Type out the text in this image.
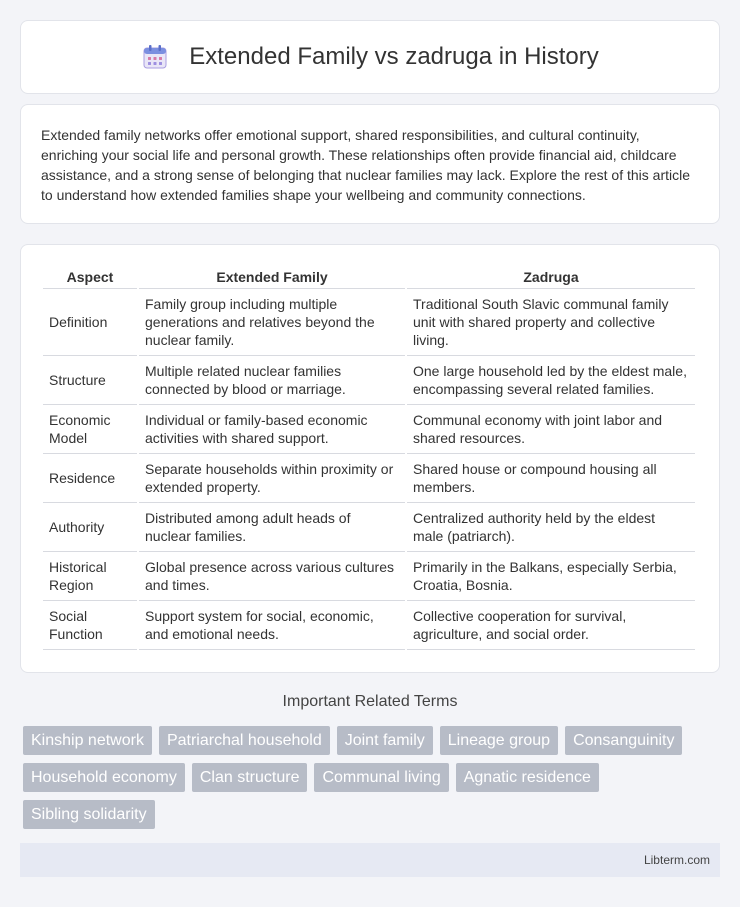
Extended Family vs zadruga in History

Extended family networks offer emotional support, shared responsibilities, and cultural continuity, enriching your social life and personal growth. These relationships often provide financial aid, childcare assistance, and a strong sense of belonging that nuclear families may lack. Explore the rest of this article to understand how extended families shape your wellbeing and community connections.

Aspect	Extended Family	Zadruga
Definition	Family group including multiple generations and relatives beyond the nuclear family.	Traditional South Slavic communal family unit with shared property and collective living.
Structure	Multiple related nuclear families connected by blood or marriage.	One large household led by the eldest male, encompassing several related families.
Economic Model	Individual or family-based economic activities with shared support.	Communal economy with joint labor and shared resources.
Residence	Separate households within proximity or extended property.	Shared house or compound housing all members.
Authority	Distributed among adult heads of nuclear families.	Centralized authority held by the eldest male (patriarch).
Historical Region	Global presence across various cultures and times.	Primarily in the Balkans, especially Serbia, Croatia, Bosnia.
Social Function	Support system for social, economic, and emotional needs.	Collective cooperation for survival, agriculture, and social order.
Important Related Terms
Kinship network	Patriarchal household	Joint family	Lineage group	Consanguinity
Household economy	Clan structure	Communal living	Agnatic residence
Sibling solidarity
Libterm.com
